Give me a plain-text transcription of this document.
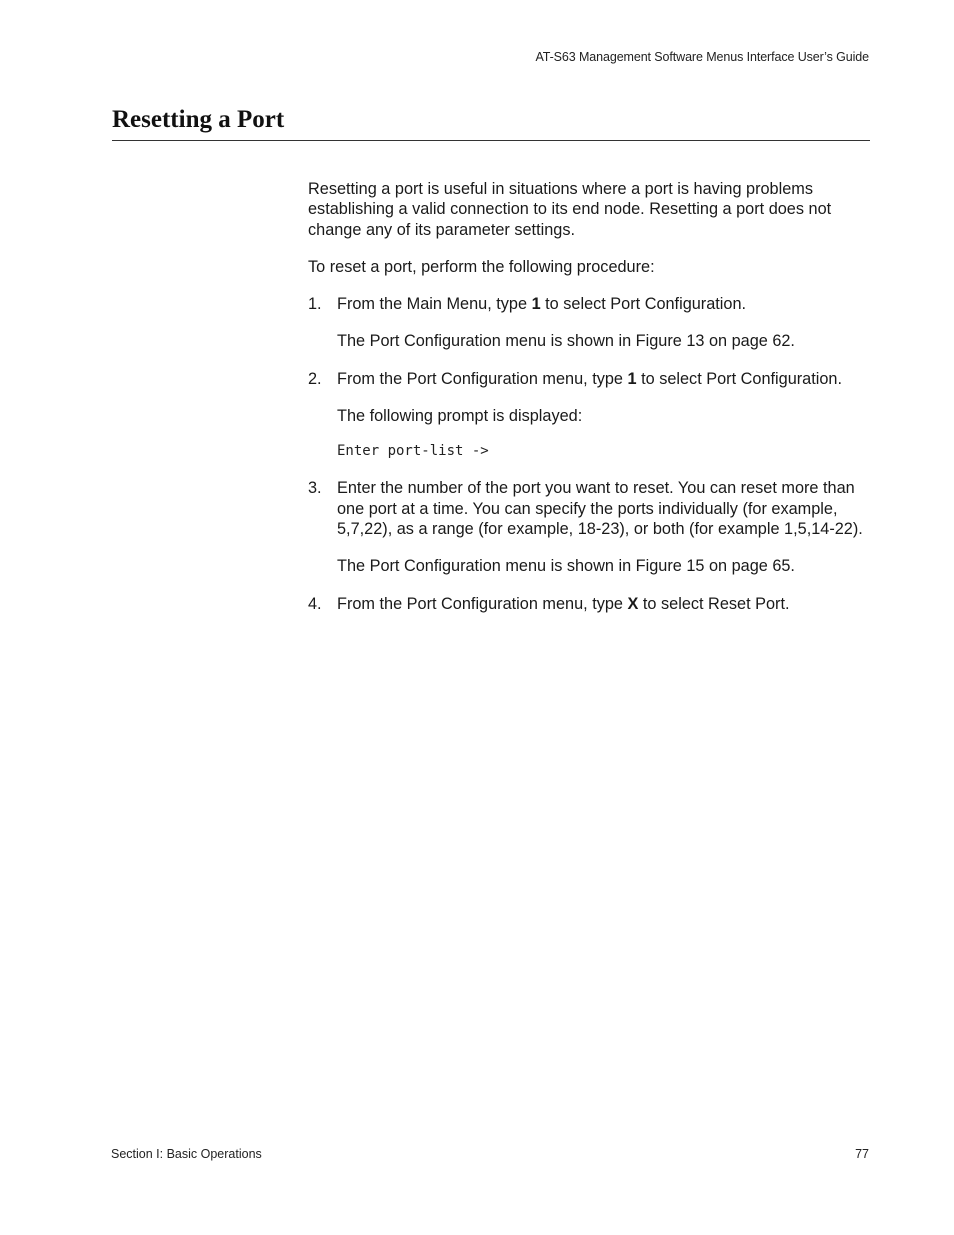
AT-S63 Management Software Menus Interface User’s Guide
Resetting a Port

Resetting a port is useful in situations where a port is having problems establishing a valid connection to its end node. Resetting a port does not change any of its parameter settings.

To reset a port, perform the following procedure:

1. From the Main Menu, type 1 to select Port Configuration.

The Port Configuration menu is shown in Figure 13 on page 62.

2. From the Port Configuration menu, type 1 to select Port Configuration.

The following prompt is displayed:

Enter port-list ->

3. Enter the number of the port you want to reset. You can reset more than one port at a time. You can specify the ports individually (for example, 5,7,22), as a range (for example, 18-23), or both (for example 1,5,14-22).

The Port Configuration menu is shown in Figure 15 on page 65.

4. From the Port Configuration menu, type X to select Reset Port.

Section I: Basic Operations	77
